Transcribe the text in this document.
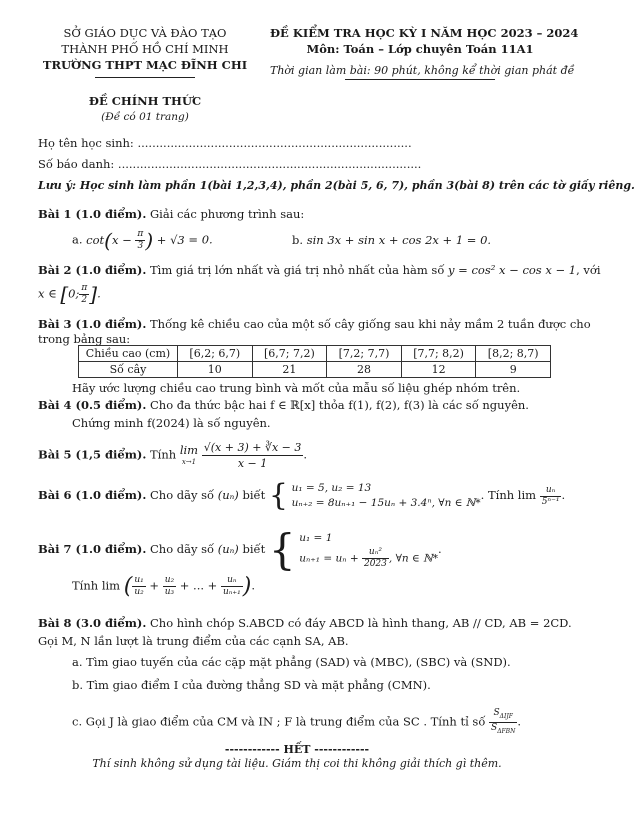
SỞ GIÁO DỤC VÀ ĐÀO TẠO
THÀNH PHỐ HỒ CHÍ MINH
TRƯỜNG THPT MẠC ĐĨNH CHI
ĐỀ KIỂM TRA HỌC KỲ I NĂM HỌC 2023 – 2024
Môn: Toán – Lớp chuyên Toán 11A1
Thời gian làm bài: 90 phút, không kể thời gian phát đề
ĐỀ CHÍNH THỨC
(Đề có 01 trang)
Họ tên học sinh: ...........................................................................
Số báo danh: ...................................................................................
Lưu ý: Học sinh làm phần 1(bài 1,2,3,4), phần 2(bài 5, 6, 7), phần 3(bài 8) trên các tờ giấy riêng.
Bài 1 (1.0 điểm). Giải các phương trình sau:
a. $\cot(x - \frac{\pi}{3}$ ) + √3 = 0.	b. sin 3x + sin x + cos 2x + 1 = 0.
Bài 2 (1.0 điểm). Tìm giá trị lớn nhất và giá trị nhỏ nhất của hàm số y = cos² x − cos x − 1, với
x ∈ [0; $\frac{\pi}{2}$ ].
Bài 3 (1.0 điểm). Thống kê chiều cao của một số cây giống sau khi nảy mầm 2 tuần được cho
trong bảng sau:
Chiều cao (cm)	[6,2; 6,7)	[6,7; 7,2)	[7,2; 7,7)	[7,7; 8,2)	[8,2; 8,7)
Số cây	10	21	28	12	9
Hãy ước lượng chiều cao trung bình và mốt của mẫu số liệu ghép nhóm trên.
Bài 4 (0.5 điểm). Cho đa thức bậc hai f ∈ ℝ[x] thỏa f(1), f(2), f(3) là các số nguyên.
Chứng minh f(2024) là số nguyên.
Bài 5 (1,5 điểm). Tính lim
$x\to 1 \frac{√(x + 3) + ∛x - 3}{x - 1}$ .
Bài 6 (1.0 điểm). Cho dãy số (uₙ) biết { u₁ = 5, u₂ = 13
uₙ₊₂ = 8uₙ₊₁ − 15uₙ + 3.4ⁿ, ∀n ∈ ℕ*. Tính $\lim \frac{\text{uₙ}}{\text{5ⁿ⁻¹}}$ .
Bài 7 (1.0 điểm). Cho dãy số (uₙ) biết { u₁ = 1
$u_{n+1} = u_n + \frac{\text{uₙ²}}{2023}$ , ∀n ∈ ℕ*.
Tính lim ( $\frac{\text{u₁}}{\text{u₂}} + \frac{\text{u₂}}{\text{u₃}}$ + ... + $\frac{\text{uₙ}}{\text{uₙ₊₁}}$ ).
Bài 8 (3.0 điểm). Cho hình chóp S.ABCD có đáy ABCD là hình thang, AB // CD, AB = 2CD.
Gọi M, N lần lượt là trung điểm của các cạnh SA, AB.
a. Tìm giao tuyến của các cặp mặt phẳng (SAD) và (MBC), (SBC) và (SND).
b. Tìm giao điểm I của đường thẳng SD và mặt phẳng (CMN).
c. Gọi J là giao điểm của CM và IN ; F là trung điểm của SC . Tính tỉ số $\frac{S_{\Delta IJF}}{S_{\Delta FBN}}$ .
------------ HẾT ------------
Thí sinh không sử dụng tài liệu. Giám thị coi thi không giải thích gì thêm.
